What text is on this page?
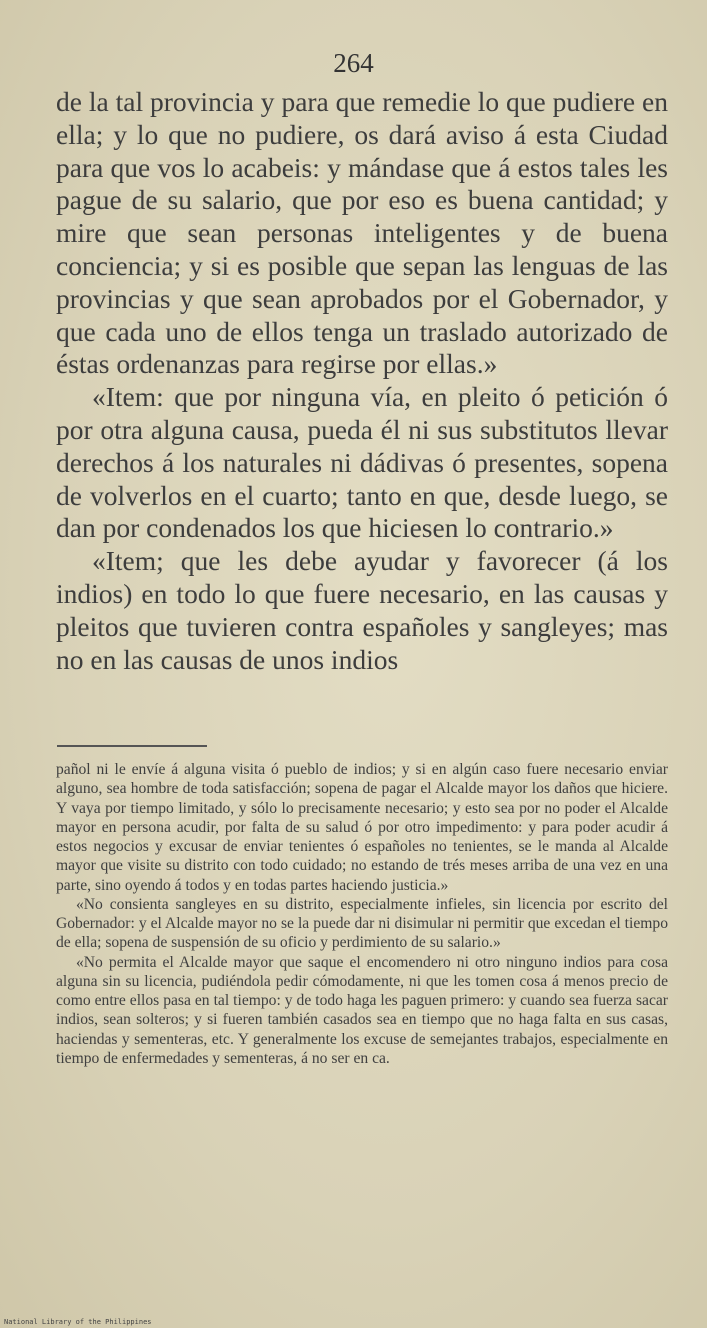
264

de la tal provincia y para que remedie lo que pudiere en ella; y lo que no pudiere, os dará aviso á esta Ciudad para que vos lo acabeis: y mándase que á estos tales les pague de su salario, que por eso es buena cantidad; y mire que sean personas inteligentes y de buena conciencia; y si es posible que sepan las lenguas de las provincias y que sean aprobados por el Gobernador, y que cada uno de ellos tenga un traslado autorizado de éstas ordenanzas para regirse por ellas.»

«Item: que por ninguna vía, en pleito ó petición ó por otra alguna causa, pueda él ni sus substitutos llevar derechos á los naturales ni dádivas ó presentes, sopena de volverlos en el cuarto; tanto en que, desde luego, se dan por condenados los que hiciesen lo contrario.»

«Item; que les debe ayudar y favorecer (á los indios) en todo lo que fuere necesario, en las causas y pleitos que tuvieren contra españoles y sangleyes; mas no en las causas de unos indios

pañol ni le envíe á alguna visita ó pueblo de indios; y si en algún caso fuere necesario enviar alguno, sea hombre de toda satisfacción; sopena de pagar el Alcalde mayor los daños que hiciere. Y vaya por tiempo limitado, y sólo lo precisamente necesario; y esto sea por no poder el Alcalde mayor en persona acudir, por falta de su salud ó por otro impedimento: y para poder acudir á estos negocios y excusar de enviar tenientes ó españoles no tenientes, se le manda al Alcalde mayor que visite su distrito con todo cuidado; no estando de trés meses arriba de una vez en una parte, sino oyendo á todos y en todas partes haciendo justicia.»

«No consienta sangleyes en su distrito, especialmente infieles, sin licencia por escrito del Gobernador: y el Alcalde mayor no se la puede dar ni disimular ni permitir que excedan el tiempo de ella; sopena de suspensión de su oficio y perdimiento de su salario.»

«No permita el Alcalde mayor que saque el encomendero ni otro ninguno indios para cosa alguna sin su licencia, pudiéndola pedir cómodamente, ni que les tomen cosa á menos precio de como entre ellos pasa en tal tiempo: y de todo haga les paguen primero: y cuando sea fuerza sacar indios, sean solteros; y si fueren también casados sea en tiempo que no haga falta en sus casas, haciendas y sementeras, etc. Y generalmente los excuse de semejantes trabajos, especialmente en tiempo de enfermedades y sementeras, á no ser en ca.

National Library of the Philippines
